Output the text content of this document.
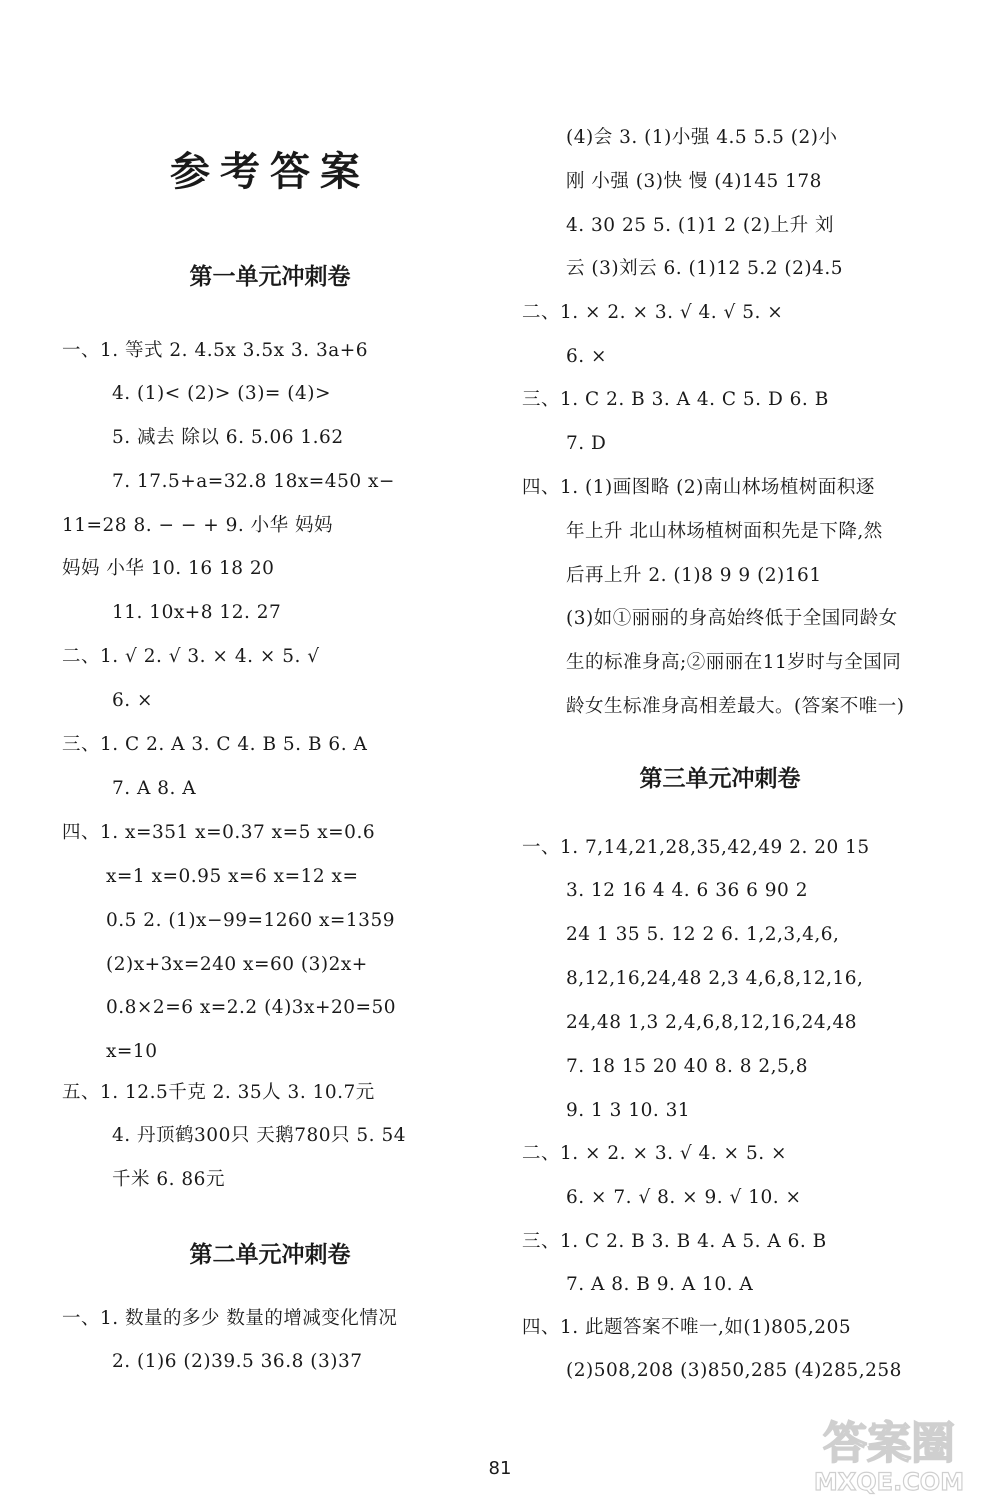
参考答案
第一单元冲刺卷
第二单元冲刺卷
第三单元冲刺卷
一、1. 等式 2. 4.5x 3.5x 3. 3a+6
4. (1)< (2)> (3)= (4)>
5. 减去 除以 6. 5.06 1.62
7. 17.5+a=32.8 18x=450 x−
11=28 8. − − + 9. 小华 妈妈
妈妈 小华 10. 16 18 20
11. 10x+8 12. 27
二、1. √ 2. √ 3. × 4. × 5. √
6. ×
三、1. C 2. A 3. C 4. B 5. B 6. A
7. A 8. A
四、1. x=351 x=0.37 x=5 x=0.6
x=1 x=0.95 x=6 x=12 x=
0.5 2. (1)x−99=1260 x=1359
(2)x+3x=240 x=60 (3)2x+
0.8×2=6 x=2.2 (4)3x+20=50
x=10
五、1. 12.5千克 2. 35人 3. 10.7元
4. 丹顶鹤300只 天鹅780只 5. 54
千米 6. 86元
一、1. 数量的多少 数量的增减变化情况
2. (1)6 (2)39.5 36.8 (3)37
(4)会 3. (1)小强 4.5 5.5 (2)小
刚 小强 (3)快 慢 (4)145 178
4. 30 25 5. (1)1 2 (2)上升 刘
云 (3)刘云 6. (1)12 5.2 (2)4.5
二、1. × 2. × 3. √ 4. √ 5. ×
6. ×
三、1. C 2. B 3. A 4. C 5. D 6. B
7. D
四、1. (1)画图略 (2)南山林场植树面积逐
年上升 北山林场植树面积先是下降,然
后再上升 2. (1)8 9 9 (2)161
(3)如①丽丽的身高始终低于全国同龄女
生的标准身高;②丽丽在11岁时与全国同
龄女生标准身高相差最大。(答案不唯一)
一、1. 7,14,21,28,35,42,49 2. 20 15
3. 12 16 4 4. 6 36 6 90 2
24 1 35 5. 12 2 6. 1,2,3,4,6,
8,12,16,24,48 2,3 4,6,8,12,16,
24,48 1,3 2,4,6,8,12,16,24,48
7. 18 15 20 40 8. 8 2,5,8
9. 1 3 10. 31
二、1. × 2. × 3. √ 4. × 5. ×
6. × 7. √ 8. × 9. √ 10. ×
三、1. C 2. B 3. B 4. A 5. A 6. B
7. A 8. B 9. A 10. A
四、1. 此题答案不唯一,如(1)805,205
(2)508,208 (3)850,285 (4)285,258
81	答案圈
MXQE.COM
